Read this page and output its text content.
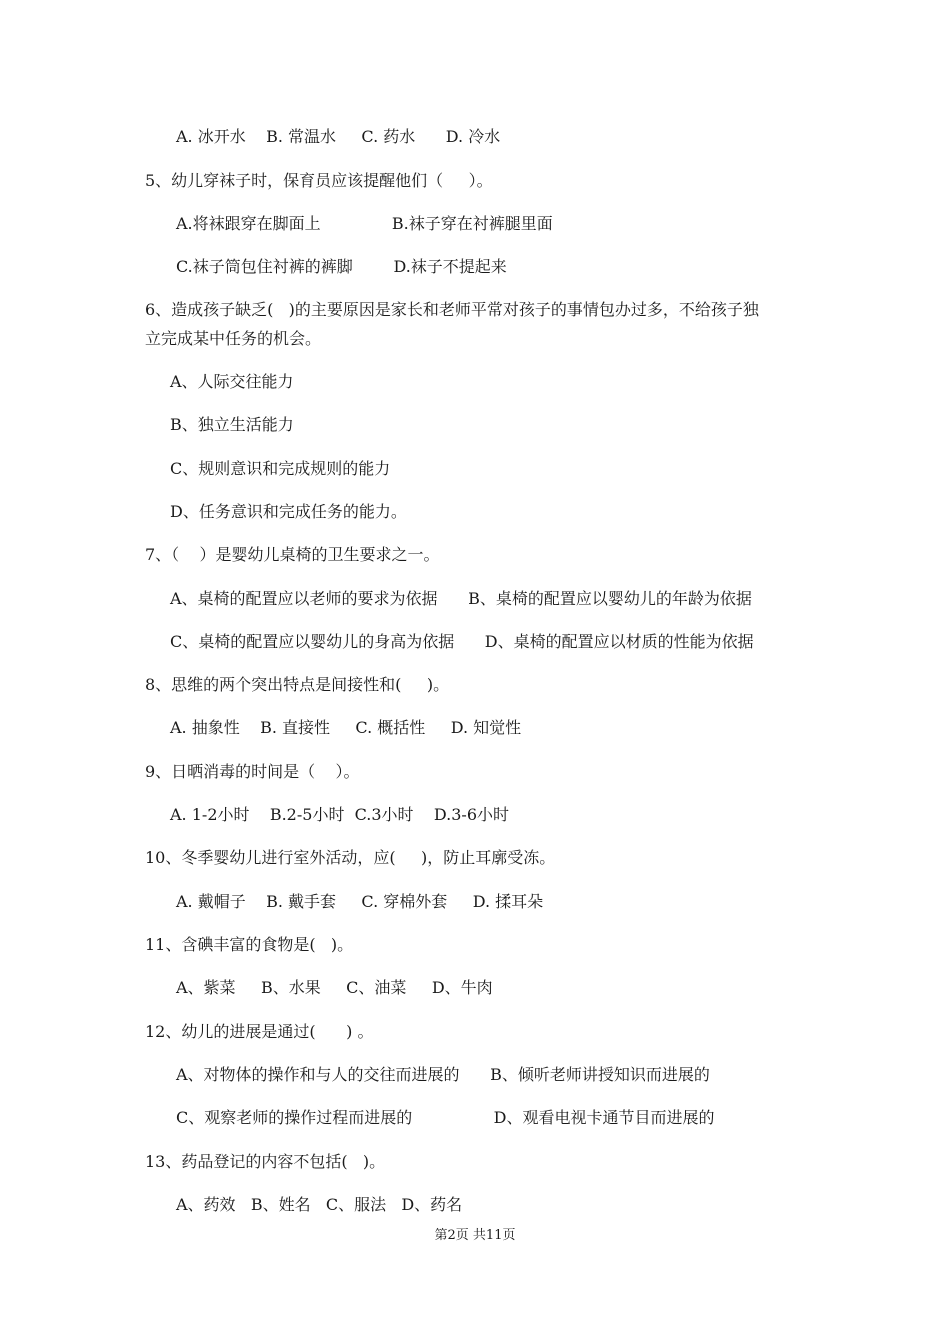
A. 冰开水    B. 常温水     C. 药水      D. 冷水
5、幼儿穿袜子时，保育员应该提醒他们（     ）。
A.将袜跟穿在脚面上              B.袜子穿在衬裤腿里面
C.袜子筒包住衬裤的裤脚        D.袜子不提起来
6、造成孩子缺乏(   )的主要原因是家长和老师平常对孩子的事情包办过多，不给孩子独
立完成某中任务的机会。
A、人际交往能力
B、独立生活能力
C、规则意识和完成规则的能力
D、任务意识和完成任务的能力。
7、（    ）是婴幼儿桌椅的卫生要求之一。
A、桌椅的配置应以老师的要求为依据      B、桌椅的配置应以婴幼儿的年龄为依据
C、桌椅的配置应以婴幼儿的身高为依据      D、桌椅的配置应以材质的性能为依据
8、思维的两个突出特点是间接性和(     )。
A. 抽象性    B. 直接性     C. 概括性     D. 知觉性
9、日晒消毒的时间是（    ）。
A. 1-2小时    B.2-5小时  C.3小时    D.3-6小时
10、冬季婴幼儿进行室外活动，应(     )，防止耳廓受冻。
A. 戴帽子    B. 戴手套     C. 穿棉外套     D. 揉耳朵
11、含碘丰富的食物是(   )。
A、紫菜     B、水果     C、油菜     D、牛肉
12、幼儿的进展是通过(      ) 。
A、对物体的操作和与人的交往而进展的      B、倾听老师讲授知识而进展的
C、观察老师的操作过程而进展的                D、观看电视卡通节目而进展的
13、药品登记的内容不包括(   )。
A、药效   B、姓名   C、服法   D、药名
第2页 共11页
